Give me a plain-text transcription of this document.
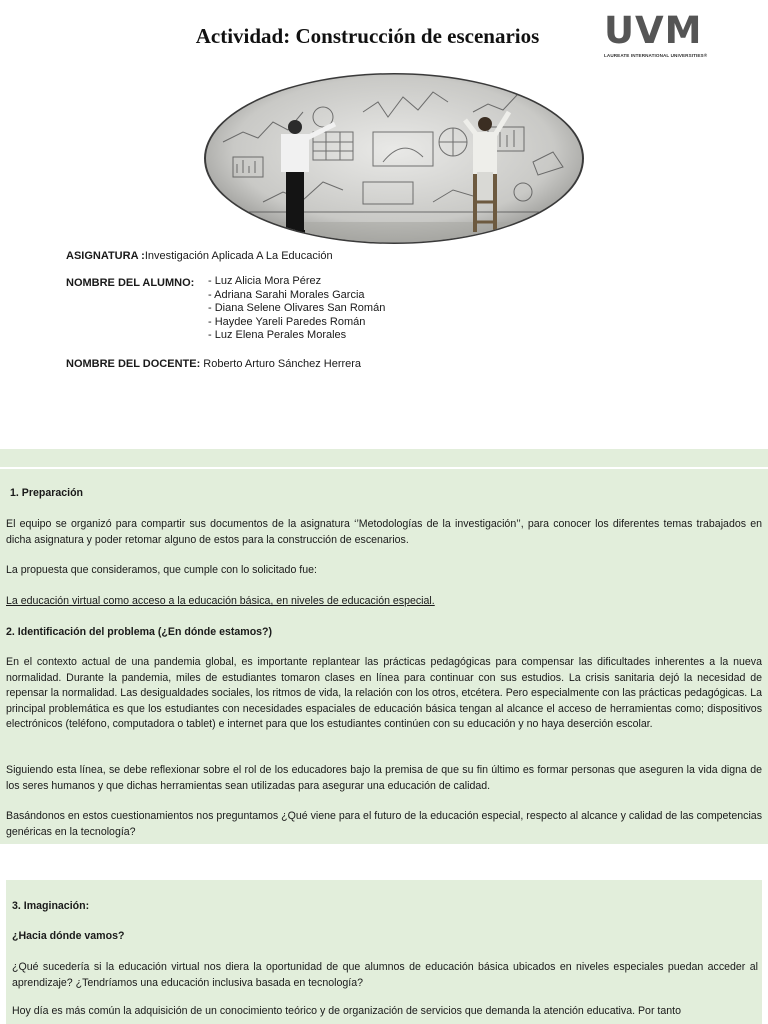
Actividad: Construcción de escenarios	UVM
LAUREATE INTERNATIONAL UNIVERSITIES®
ASIGNATURA :Investigación Aplicada A La Educación
NOMBRE DEL ALUMNO: - Luz Alicia Mora Pérez
- Adriana Sarahi Morales Garcia
- Diana Selene Olivares San Román
- Haydee Yareli Paredes Román
- Luz Elena Perales Morales
NOMBRE DEL DOCENTE: Roberto Arturo Sánchez Herrera
1. Preparación
El equipo se organizó para compartir sus documentos de la asignatura ‘’Metodologías de la investigación’’, para conocer los diferentes temas trabajados en dicha asignatura y poder retomar alguno de estos para la construcción de escenarios.
La propuesta que consideramos, que cumple con lo solicitado fue:
La educación virtual como acceso a la educación básica, en niveles de educación especial.
2. Identificación del problema (¿En dónde estamos?)
En el contexto actual de una pandemia global, es importante replantear las prácticas pedagógicas para compensar las dificultades inherentes a la nueva normalidad. Durante la pandemia, miles de estudiantes tomaron clases en línea para continuar con sus estudios. La crisis sanitaria dejó la necesidad de repensar la normalidad. Las desigualdades sociales, los ritmos de vida, la relación con los otros, etcétera. Pero especialmente con las prácticas pedagógicas. La principal problemática es que los estudiantes con necesidades espaciales de educación básica tengan al alcance el acceso de herramientas como; dispositivos electrónicos (teléfono, computadora o tablet) e internet para que los estudiantes continúen con su educación y no haya deserción escolar.
Siguiendo esta línea, se debe reflexionar sobre el rol de los educadores bajo la premisa de que su fin último es formar personas que aseguren la vida digna de los seres humanos y que dichas herramientas sean utilizadas para asegurar una educación de calidad.
Basándonos en estos cuestionamientos nos preguntamos ¿Qué viene para el futuro de la educación especial, respecto al alcance y calidad de las competencias genéricas en la tecnología?
3. Imaginación:
¿Hacia dónde vamos?
¿Qué sucedería si la educación virtual nos diera la oportunidad de que alumnos de educación básica ubicados en niveles especiales puedan acceder al aprendizaje? ¿Tendríamos una educación inclusiva basada en tecnología?
Hoy día es más común la adquisición de un conocimiento teórico y de organización de servicios que demanda la atención educativa. Por tanto
